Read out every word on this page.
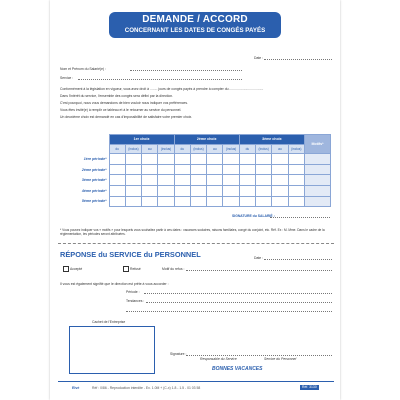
DEMANDE / ACCORD
CONCERNANT LES DATES DE CONGÉS PAYÉS
Date :
Nom et Prénom du Salarié(e) :
Service :
Conformément à la législation en vigueur, vous avez droit à ........ jours de congés payés à prendre à compter du ....................................
Dans l'intérêt du service, l'ensemble des congés sera défini par la direction.
C'est pourquoi, nous vous demandons de bien vouloir nous indiquer vos préférences.
Vous êtes invité(e) à remplir ce tableau et à le retourner au service du personnel.
Un deuxième choix est demandé en cas d'impossibilité de satisfaire votre premier choix.
	1er choix				2ème choix				3ème choix				Motifs*
	du	(inclus)	au	(inclus)	du	(inclus)	au	(inclus)	du	(inclus)	au	(inclus)	
1ère période*													
2ème période*													
3ème période*													
4ème période*													
5ème période*													
SIGNATURE du SALARIÉ :
* Vous pouvez indiquer vos « motifs » pour lesquels vous souhaitez partir à ces dates : vacances scolaires, raisons familiales, congé du conjoint, etc. Réf. Ex : M. Mme. Dans le cadre de la réglementation, les périodes seront attribuées.
RÉPONSE du SERVICE du PERSONNEL	Date :
Accepté	Refusé	Motif du refus :
Il vous est également signifié que le direction est prête à vous accorder :
Période :
Tendances :
Cachet de l'Entreprise
Signature :
Responsable du Service	Service du Personnel
BONNES VACANCES
Elvé	Réf : 0/86 - Reproduction interdite - Ex. 1.0M + (C-x) 1.8 - 1.5 - 01 03 58	Réf. 3130
